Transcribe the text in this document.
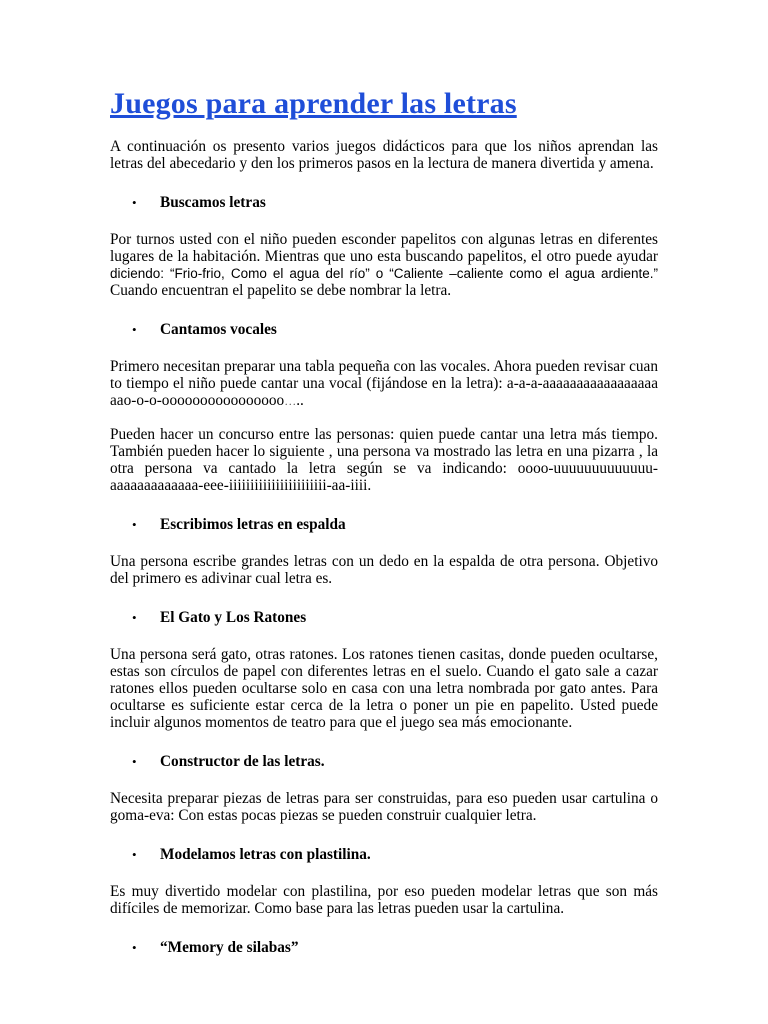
Juegos para aprender las letras

A continuación os presento varios juegos didácticos para que los niños aprendan las letras del abecedario y den los primeros pasos en la lectura de manera divertida y amena.

•	Buscamos letras

Por turnos usted con el niño pueden esconder papelitos con algunas letras en diferentes lugares de la habitación. Mientras que uno esta buscando papelitos, el otro puede ayudar diciendo: “Frio-frio, Como el agua del río” o “Caliente –caliente como el agua ardiente.” Cuando encuentran el papelito se debe nombrar la letra.

•	Cantamos vocales

Primero necesitan preparar una tabla pequeña con las vocales. Ahora pueden revisar cuanto tiempo el niño puede cantar una vocal (fijándose en la letra): a-a-a-aaaaaaaaaaaaaaaaaaao-o-o-oooooooooooooooo…..

Pueden hacer un concurso entre las personas: quien puede cantar una letra más tiempo. También pueden hacer lo siguiente , una persona va mostrado las letra en una pizarra , la otra persona va cantado la letra según se va indicando: oooo-uuuuuuuuuuuuu-aaaaaaaaaaaaa-eee-iiiiiiiiiiiiiiiiiiiiiii-aa-iiii.

•	Escribimos letras en espalda

Una persona escribe grandes letras con un dedo en la espalda de otra persona. Objetivo del primero es adivinar cual letra es.

•	El Gato y Los Ratones

Una persona será gato, otras ratones. Los ratones tienen casitas, donde pueden ocultarse, estas son círculos de papel con diferentes letras en el suelo. Cuando el gato sale a cazar ratones ellos pueden ocultarse solo en casa con una letra nombrada por gato antes. Para ocultarse es suficiente estar cerca de la letra o poner un pie en papelito. Usted puede incluir algunos momentos de teatro para que el juego sea más emocionante.

•	Constructor de las letras.

Necesita preparar piezas de letras para ser construidas, para eso pueden usar cartulina o goma-eva: Con estas pocas piezas se pueden construir cualquier letra.

•	Modelamos letras con plastilina.

Es muy divertido modelar con plastilina, por eso pueden modelar letras que son más difíciles de memorizar. Como base para las letras pueden usar la cartulina.

•	“Memory de silabas”
